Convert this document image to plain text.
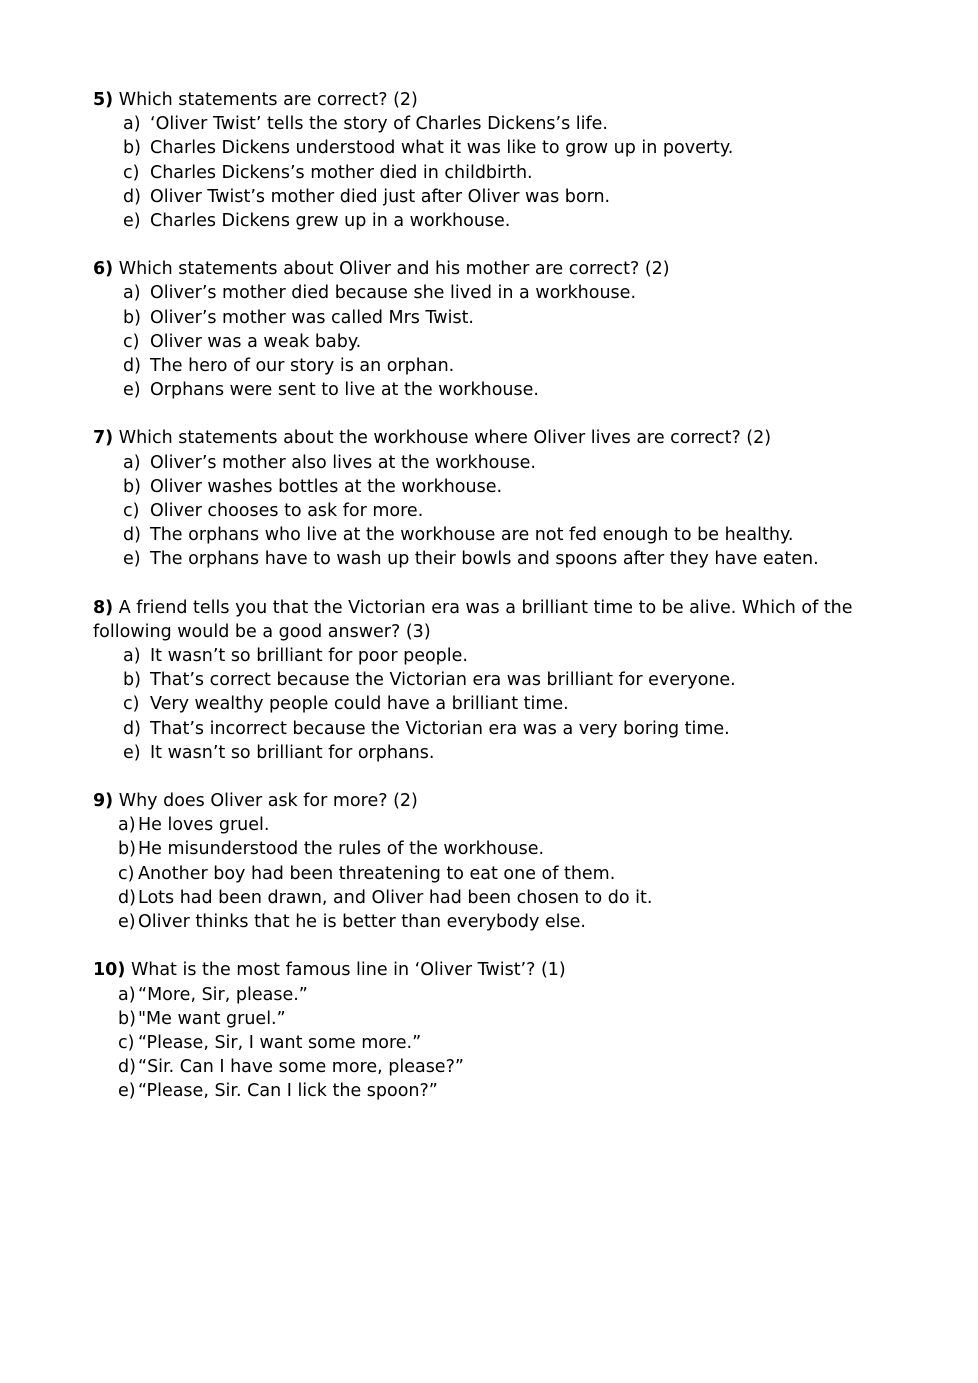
5) Which statements are correct? (2)

a) ‘Oliver Twist’ tells the story of Charles Dickens’s life.
b) Charles Dickens understood what it was like to grow up in poverty.
c) Charles Dickens’s mother died in childbirth.
d) Oliver Twist’s mother died just after Oliver was born.
e) Charles Dickens grew up in a workhouse.

6) Which statements about Oliver and his mother are correct? (2)

a) Oliver’s mother died because she lived in a workhouse.
b) Oliver’s mother was called Mrs Twist.
c) Oliver was a weak baby.
d) The hero of our story is an orphan.
e) Orphans were sent to live at the workhouse.

7) Which statements about the workhouse where Oliver lives are correct? (2)

a) Oliver’s mother also lives at the workhouse.
b) Oliver washes bottles at the workhouse.
c) Oliver chooses to ask for more.
d) The orphans who live at the workhouse are not fed enough to be healthy.
e) The orphans have to wash up their bowls and spoons after they have eaten.

8) A friend tells you that the Victorian era was a brilliant time to be alive. Which of the following would be a good answer? (3)

a) It wasn’t so brilliant for poor people.
b) That’s correct because the Victorian era was brilliant for everyone.
c) Very wealthy people could have a brilliant time.
d) That’s incorrect because the Victorian era was a very boring time.
e) It wasn’t so brilliant for orphans.

9) Why does Oliver ask for more? (2)

a) He loves gruel.
b) He misunderstood the rules of the workhouse.
c) Another boy had been threatening to eat one of them.
d) Lots had been drawn, and Oliver had been chosen to do it.
e) Oliver thinks that he is better than everybody else.

10) What is the most famous line in ‘Oliver Twist’? (1)

a) “More, Sir, please.”
b) "Me want gruel.”
c) “Please, Sir, I want some more.”
d) “Sir. Can I have some more, please?”
e) “Please, Sir. Can I lick the spoon?”
